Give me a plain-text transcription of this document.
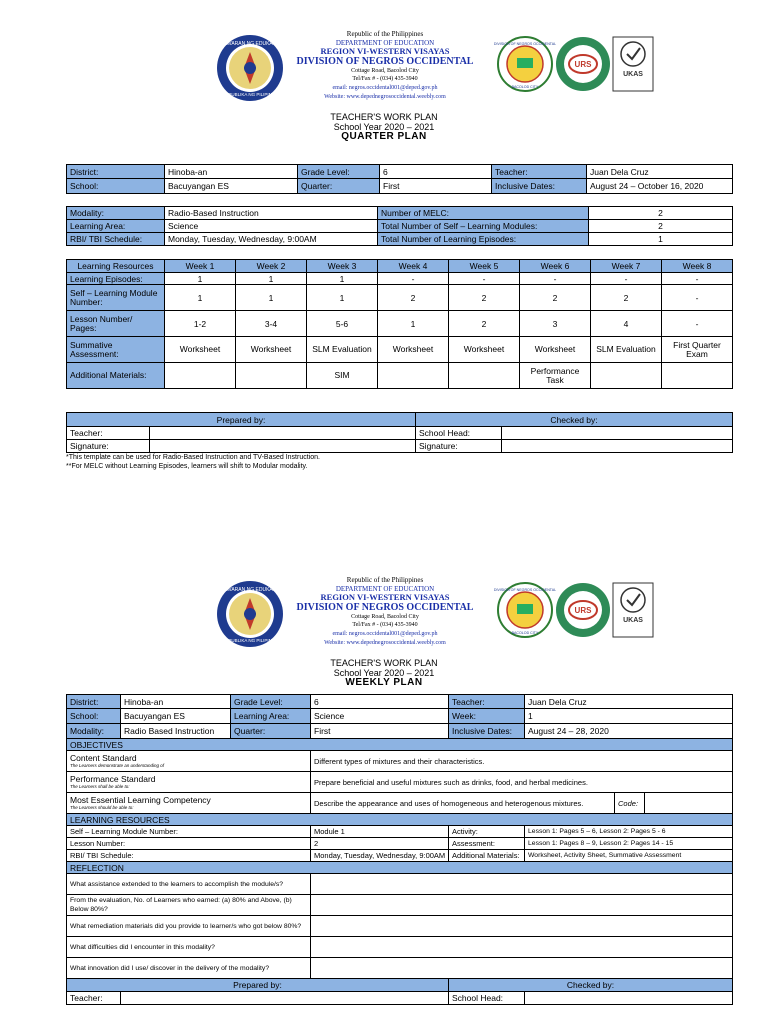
KAGAWARAN NG EDUKASYON
REPUBLIKA NG PILIPINAS
Republic of the Philippines
DEPARTMENT OF EDUCATION
REGION VI-WESTERN VISAYAS
DIVISION OF NEGROS OCCIDENTAL
Cottage Road, Bacolod City
Tel/Fax # - (034) 435-3940
email: negros.occidental001@deped.gov.ph
Website: www.depednegrosoccidental.weebly.com
DIVISION OF NEGROS OCCIDENTAL
BACOLOD CITY
URS
UKAS
TEACHER'S WORK PLAN
School Year 2020 – 2021
QUARTER PLAN
District:	Hinoba-an	Grade Level:	6	Teacher:	Juan Dela Cruz
School:	Bacuyangan ES	Quarter:	First	Inclusive Dates:	August 24 – October 16, 2020
Modality:	Radio-Based Instruction	Number of MELC:	2
Learning Area:	Science	Total Number of Self – Learning Modules:	2
RBI/ TBI Schedule:	Monday, Tuesday, Wednesday, 9:00AM	Total Number of Learning Episodes:	1
Learning Resources	Week 1	Week 2	Week 3	Week 4	Week 5	Week 6	Week 7	Week 8
Learning Episodes:	1	1	1	-	-	-	-	-
Self – Learning Module Number:	1	1	1	2	2	2	2	-
Lesson Number/ Pages:	1-2	3-4	5-6	1	2	3	4	-
Summative Assessment:	Worksheet	Worksheet	SLM Evaluation	Worksheet	Worksheet	Worksheet	SLM Evaluation	First Quarter Exam
Additional Materials:			SIM			Performance Task		
Prepared by:		Checked by:	
Teacher:		School Head:	
Signature:		Signature:	
*This template can be used for Radio-Based Instruction and TV-Based Instruction.
**For MELC without Learning Episodes, learners will shift to Modular modality.
KAGAWARAN NG EDUKASYON
REPUBLIKA NG PILIPINAS
Republic of the Philippines
DEPARTMENT OF EDUCATION
REGION VI-WESTERN VISAYAS
DIVISION OF NEGROS OCCIDENTAL
Cottage Road, Bacolod City
Tel/Fax # - (034) 435-3940
email: negros.occidental001@deped.gov.ph
Website: www.depednegrosoccidental.weebly.com
DIVISION OF NEGROS OCCIDENTAL
BACOLOD CITY
URS
UKAS
TEACHER'S WORK PLAN
School Year 2020 – 2021
WEEKLY PLAN
District:	Hinoba-an	Grade Level:	6	Teacher:	Juan Dela Cruz		
School:	Bacuyangan ES	Learning Area:	Science	Week:	1		
Modality:	Radio Based Instruction	Quarter:	First	Inclusive Dates:	August 24 – 28, 2020		
OBJECTIVES							
Content Standard
The Learners demonstrate an understanding of			Different types of mixtures and their characteristics.				
Performance Standard
The Learners shall be able to:			Prepare beneficial and useful mixtures such as drinks, food, and herbal medicines.				
Most Essential Learning Competency
The Learners should be able to:			Describe the appearance and uses of homogeneous and heterogenous mixtures.			Code:	
LEARNING RESOURCES							
Self – Learning Module Number:			Module 1	Activity:	Lesson 1: Pages 5 – 6, Lesson 2: Pages 5 - 6		
Lesson Number:			2	Assessment:	Lesson 1: Pages 8 – 9, Lesson 2: Pages 14 - 15		
RBI/ TBI Schedule:			Monday, Tuesday, Wednesday, 9:00AM	Additional Materials:	Worksheet, Activity Sheet, Summative Assessment		
REFLECTION							
What assistance extended to the learners to accomplish the module/s?							
From the evaluation, No. of Learners who earned: (a) 80% and Above, (b) Below 80%?							
What remediation materials did you provide to learner/s who got below 80%?							
What difficulties did I encounter in this modality?							
What innovation did I use/ discover in the delivery of the modality?							
Prepared by:				Checked by:			
Teacher:				School Head:			
